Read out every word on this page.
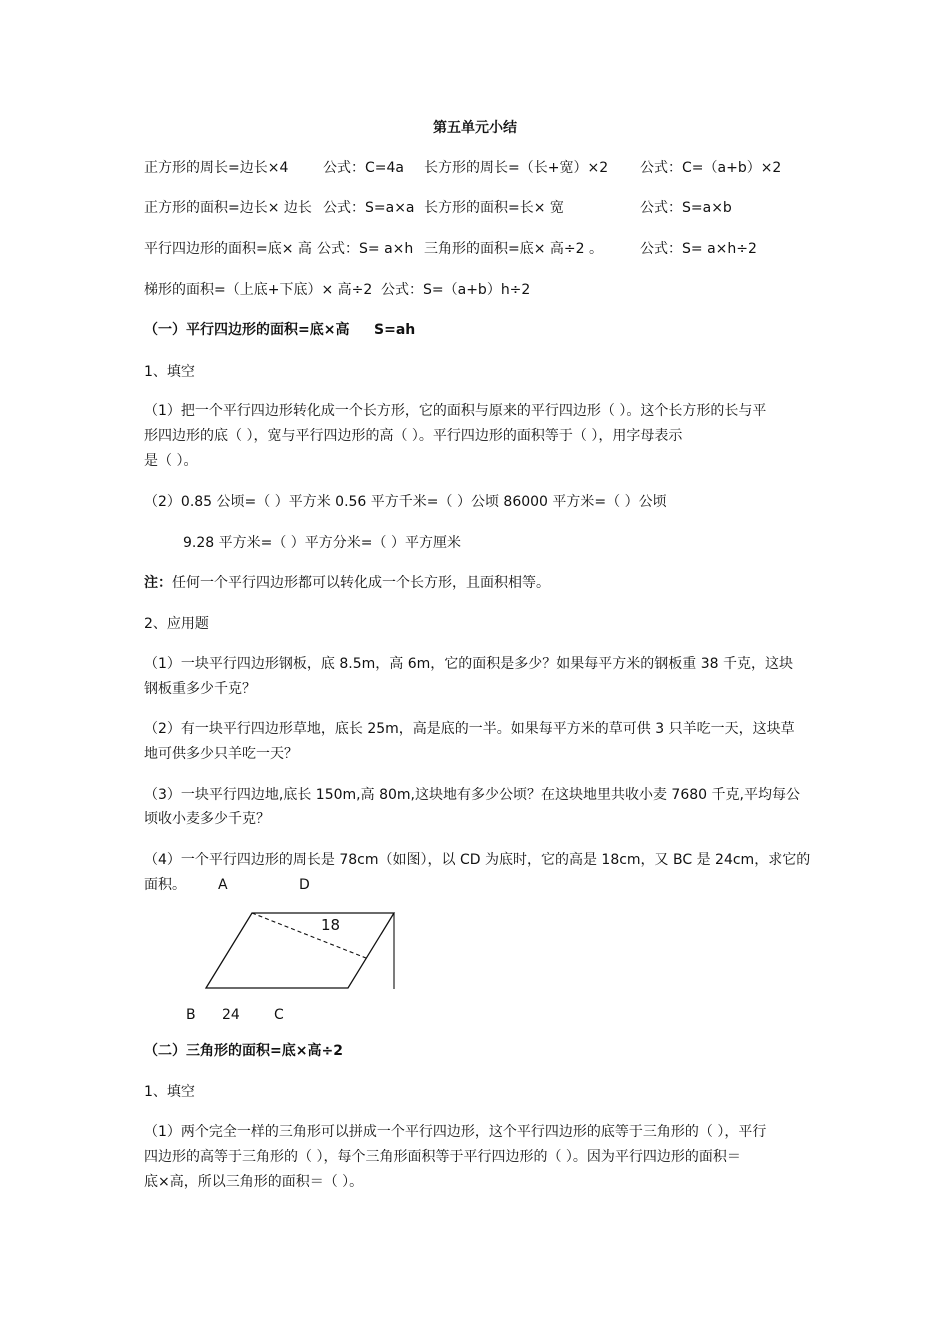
第五单元小结
正方形的周长=边长×4 公式：C=4a 长方形的周长=（长+宽）×2 公式：C=（a+b）×2
正方形的面积=边长× 边长 公式：S=a×a 长方形的面积=长× 宽	公式：S=a×b
平行四边形的面积=底× 高 公式：S= a×h 三角形的面积=底× 高÷2 。	公式：S= a×h÷2
梯形的面积=（上底+下底）× 高÷2 公式：S=（a+b）h÷2
（一）平行四边形的面积=底×高 S=ah
1、填空
（1）把一个平行四边形转化成一个长方形，它的面积与原来的平行四边形（ ）。这个长方形的长与平
形四边形的底（ ），宽与平行四边形的高（ ）。平行四边形的面积等于（ ），用字母表示
是（ ）。
（2）0.85 公顷=（ ）平方米 0.56 平方千米=（ ）公顷 86000 平方米=（ ）公顷
9.28 平方米=（ ）平方分米=（ ）平方厘米
注：任何一个平行四边形都可以转化成一个长方形，且面积相等。
2、应用题
（1）一块平行四边形钢板，底 8.5m，高 6m，它的面积是多少？如果每平方米的钢板重 38 千克，这块
钢板重多少千克？
（2）有一块平行四边形草地，底长 25m，高是底的一半。如果每平方米的草可供 3 只羊吃一天，这块草
地可供多少只羊吃一天？
（3）一块平行四边地,底长 150m,高 80m,这块地有多少公顷？在这块地里共收小麦 7680 千克,平均每公
顷收小麦多少千克？
（4）一个平行四边形的周长是 78cm（如图），以 CD 为底时，它的高是 18cm，又 BC 是 24cm，求它的
面积。 A	D
18
B 24 C
（二）三角形的面积=底×高÷2
1、填空
（1）两个完全一样的三角形可以拼成一个平行四边形，这个平行四边形的底等于三角形的（ ），平行
四边形的高等于三角形的（ ），每个三角形面积等于平行四边形的（ ）。因为平行四边形的面积＝
底×高，所以三角形的面积＝（ ）。
